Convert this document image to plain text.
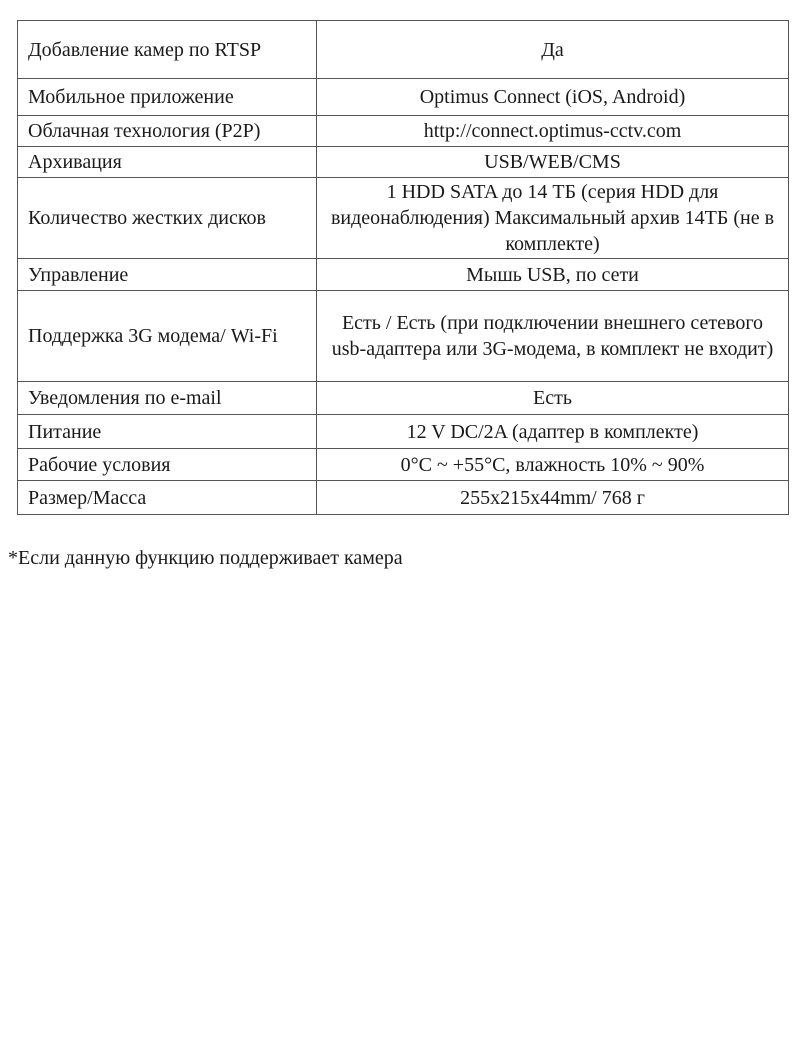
Добавление камер по RTSP	Да
Мобильное приложение	Optimus Connect (iOS, Android)
Облачная технология (P2P)	http://connect.optimus-cctv.com
Архивация	USB/WEB/CMS
Количество жестких дисков	1 HDD SATA до 14 ТБ (серия HDD для видеонаблюдения) Максимальный архив 14ТБ (не в комплекте)
Управление	Мышь USB, по сети
Поддержка 3G модема/ Wi-Fi	Есть / Есть (при подключении внешнего сетевого usb-адаптера или 3G-модема, в комплект не входит)
Уведомления по e-mail	Есть
Питание	12 V DC/2A (адаптер в комплекте)
Рабочие условия	0°C ~ +55°C, влажность 10% ~ 90%
Размер/Масса	255x215x44mm/ 768 г

*Если данную функцию поддерживает камера
